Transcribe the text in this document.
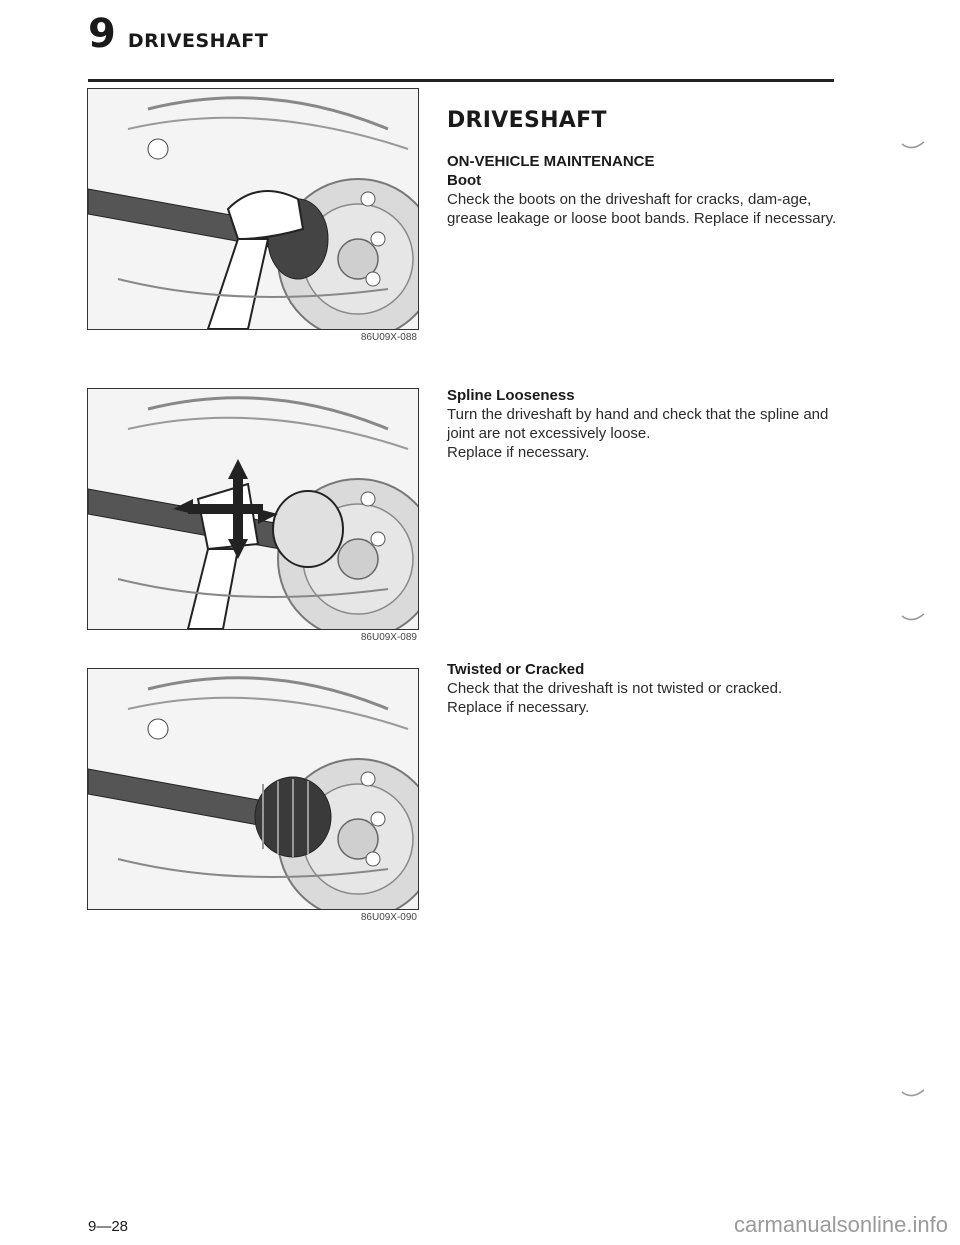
9 DRIVESHAFT
86U09X-088
86U09X-089
86U09X-090
DRIVESHAFT
ON-VEHICLE MAINTENANCE
Boot
Check the boots on the driveshaft for cracks, dam-age, grease leakage or loose boot bands. Replace if necessary.
Spline Looseness
Turn the driveshaft by hand and check that the spline and joint are not excessively loose.
Replace if necessary.
Twisted or Cracked
Check that the driveshaft is not twisted or cracked. Replace if necessary.
9—28	carmanualsonline.info
